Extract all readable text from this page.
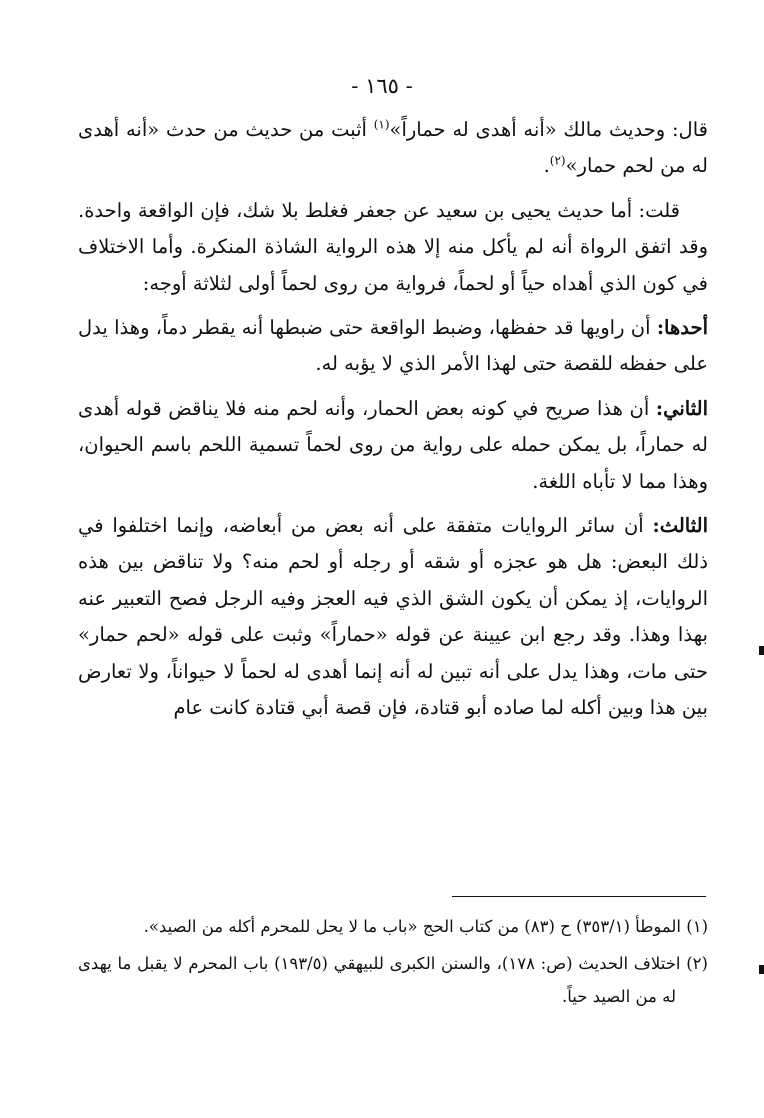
- ١٦٥ -

قال: وحديث مالك «أنه أهدى له حماراً»$^{(١)}$ أثبت من حديث من حدث «أنه أهدى له من لحم حمار»$^{(٢)}$.

قلت: أما حديث يحيى بن سعيد عن جعفر فغلط بلا شك، فإن الواقعة واحدة. وقد اتفق الرواة أنه لم يأكل منه إلا هذه الرواية الشاذة المنكرة. وأما الاختلاف في كون الذي أهداه حياً أو لحماً، فرواية من روى لحماً أولى لثلاثة أوجه:

أحدها: أن راويها قد حفظها، وضبط الواقعة حتى ضبطها أنه يقطر دماً، وهذا يدل على حفظه للقصة حتى لهذا الأمر الذي لا يؤبه له.

الثاني: أن هذا صريح في كونه بعض الحمار، وأنه لحم منه فلا يناقض قوله أهدى له حماراً، بل يمكن حمله على رواية من روى لحماً تسمية اللحم باسم الحيوان، وهذا مما لا تأباه اللغة.

الثالث: أن سائر الروايات متفقة على أنه بعض من أبعاضه، وإنما اختلفوا في ذلك البعض: هل هو عجزه أو شقه أو رجله أو لحم منه؟ ولا تناقض بين هذه الروايات، إذ يمكن أن يكون الشق الذي فيه العجز وفيه الرجل فصح التعبير عنه بهذا وهذا. وقد رجع ابن عيينة عن قوله «حماراً» وثبت على قوله «لحم حمار» حتى مات، وهذا يدل على أنه تبين له أنه إنما أهدى له لحماً لا حيواناً، ولا تعارض بين هذا وبين أكله لما صاده أبو قتادة، فإن قصة أبي قتادة كانت عام

(١) الموطأ (٣٥٣/١) ح (٨٣) من كتاب الحج «باب ما لا يحل للمحرم أكله من الصيد».

(٢) اختلاف الحديث (ص: ١٧٨)، والسنن الكبرى للبيهقي (١٩٣/٥) باب المحرم لا يقبل ما يهدى له من الصيد حياً.
